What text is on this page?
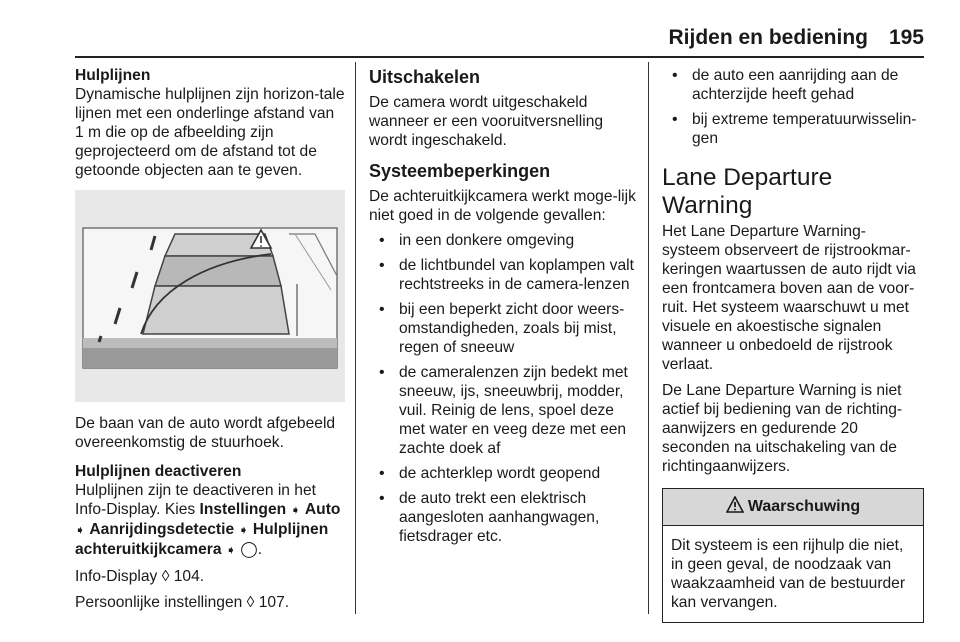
Rijden en bediening 195

Hulplijnen

Dynamische hulplijnen zijn horizon-tale lijnen met een onderlinge afstand van 1 m die op de afbeelding zijn geprojecteerd om de afstand tot de getoonde objecten aan te geven.

De baan van de auto wordt afgebeeld overeenkomstig de stuurhoek.

Hulplijnen deactiveren

Hulplijnen zijn te deactiveren in het Info-Display. Kies Instellingen ➧ Auto ➧ Aanrijdingsdetectie ➧ Hulplijnen achteruitkijkcamera ➧ ◯.

Info-Display ◊ 104.

Persoonlijke instellingen ◊ 107.

Uitschakelen

De camera wordt uitgeschakeld wanneer er een vooruitversnelling wordt ingeschakeld.

Systeembeperkingen

De achteruitkijkcamera werkt moge-lijk niet goed in de volgende gevallen:

• in een donkere omgeving
• de lichtbundel van koplampen valt rechtstreeks in de camera-lenzen
• bij een beperkt zicht door weers-omstandigheden, zoals bij mist, regen of sneeuw
• de cameralenzen zijn bedekt met sneeuw, ijs, sneeuwbrij, modder, vuil. Reinig de lens, spoel deze met water en veeg deze met een zachte doek af
• de achterklep wordt geopend
• de auto trekt een elektrisch aangesloten aanhangwagen, fietsdrager etc.
• de auto een aanrijding aan de achterzijde heeft gehad
• bij extreme temperatuurwisselin-gen

Lane Departure Warning

Het Lane Departure Warning-systeem observeert de rijstrookmar-keringen waartussen de auto rijdt via een frontcamera boven aan de voor-ruit. Het systeem waarschuwt u met visuele en akoestische signalen wanneer u onbedoeld de rijstrook verlaat.

De Lane Departure Warning is niet actief bij bediening van de richting-aanwijzers en gedurende 20 seconden na uitschakeling van de richtingaanwijzers.

Waarschuwing

Dit systeem is een rijhulp die niet, in geen geval, de noodzaak van waakzaamheid van de bestuurder kan vervangen.
